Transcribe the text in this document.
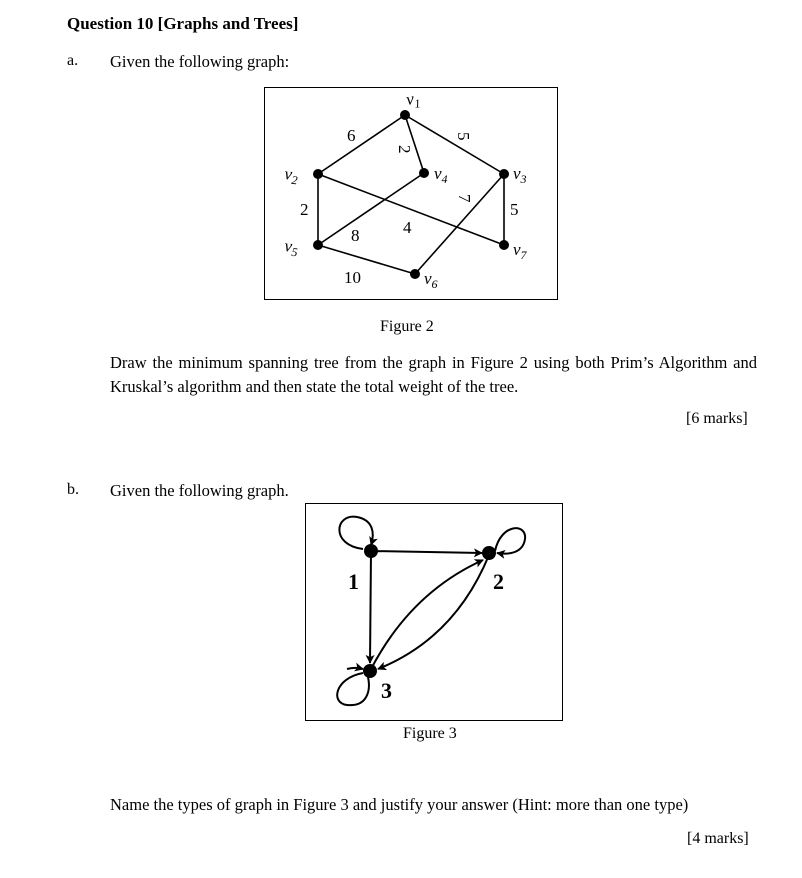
Question 10 [Graphs and Trees]
a. Given the following graph:
$v_1$
$v_2$	$v_3$
$v_4$
$v_5$
$v_6$
$v_7$
6
2
5
2
8	4
7
5
10
Figure 2
Draw the minimum spanning tree from the graph in Figure 2 using both Prim’s Algorithm and Kruskal’s algorithm and then state the total weight of the tree.
[6 marks]
b. Given the following graph.
1	2
3
Figure 3
Name the types of graph in Figure 3 and justify your answer (Hint: more than one type)
[4 marks]
